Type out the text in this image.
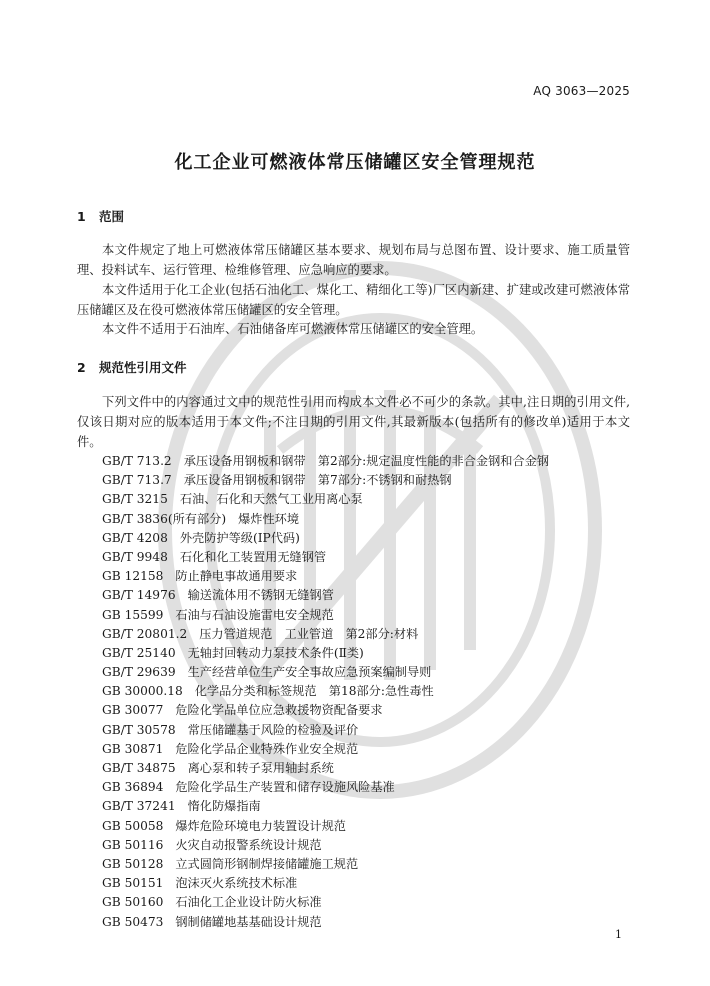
AQ 3063—2025
化工企业可燃液体常压储罐区安全管理规范
1 范围
本文件规定了地上可燃液体常压储罐区基本要求、规划布局与总图布置、设计要求、施工质量管理、投料试车、运行管理、检维修管理、应急响应的要求。
本文件适用于化工企业(包括石油化工、煤化工、精细化工等)厂区内新建、扩建或改建可燃液体常压储罐区及在役可燃液体常压储罐区的安全管理。
本文件不适用于石油库、石油储备库可燃液体常压储罐区的安全管理。
2 规范性引用文件
下列文件中的内容通过文中的规范性引用而构成本文件必不可少的条款。其中,注日期的引用文件,仅该日期对应的版本适用于本文件;不注日期的引用文件,其最新版本(包括所有的修改单)适用于本文件。
GB/T 713.2 承压设备用钢板和钢带　第2部分:规定温度性能的非合金钢和合金钢
GB/T 713.7 承压设备用钢板和钢带　第7部分:不锈钢和耐热钢
GB/T 3215 石油、石化和天然气工业用离心泵
GB/T 3836(所有部分) 爆炸性环境
GB/T 4208 外壳防护等级(IP代码)
GB/T 9948 石化和化工装置用无缝钢管
GB 12158 防止静电事故通用要求
GB/T 14976 输送流体用不锈钢无缝钢管
GB 15599 石油与石油设施雷电安全规范
GB/T 20801.2 压力管道规范　工业管道　第2部分:材料
GB/T 25140 无轴封回转动力泵技术条件(Ⅱ类)
GB/T 29639 生产经营单位生产安全事故应急预案编制导则
GB 30000.18 化学品分类和标签规范　第18部分:急性毒性
GB 30077 危险化学品单位应急救援物资配备要求
GB/T 30578 常压储罐基于风险的检验及评价
GB 30871 危险化学品企业特殊作业安全规范
GB/T 34875 离心泵和转子泵用轴封系统
GB 36894 危险化学品生产装置和储存设施风险基准
GB/T 37241 惰化防爆指南
GB 50058 爆炸危险环境电力装置设计规范
GB 50116 火灾自动报警系统设计规范
GB 50128 立式圆筒形钢制焊接储罐施工规范
GB 50151 泡沫灭火系统技术标准
GB 50160 石油化工企业设计防火标准
GB 50473 钢制储罐地基基础设计规范
1
